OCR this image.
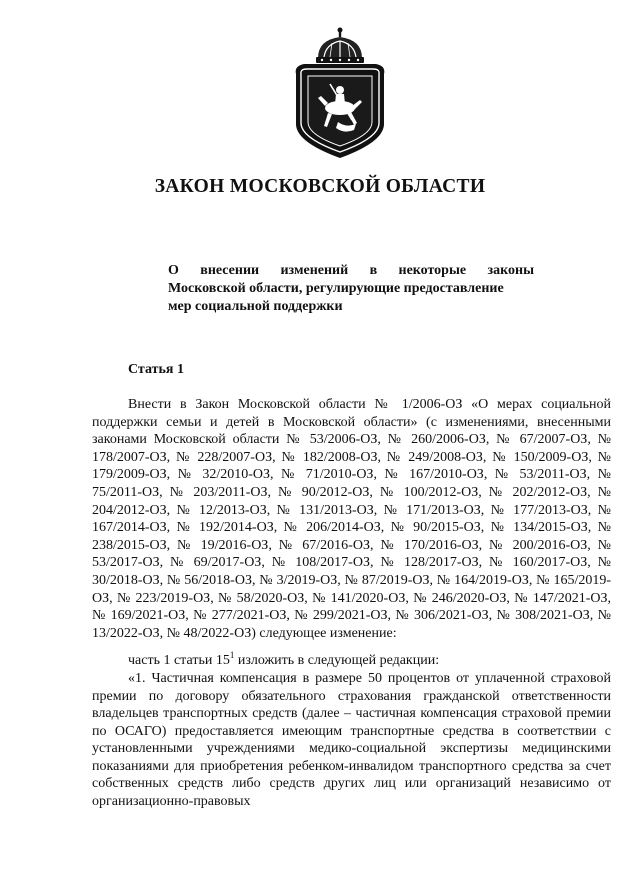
ЗАКОН МОСКОВСКОЙ ОБЛАСТИ
О внесении изменений в некоторые законы
Московской области, регулирующие предоставление
мер социальной поддержки
Статья 1

Внести в Закон Московской области № 1/2006-ОЗ «О мерах социальной поддержки семьи и детей в Московской области» (с изменениями, внесенными законами Московской области № 53/2006-ОЗ, № 260/2006-ОЗ, № 67/2007-ОЗ, № 178/2007-ОЗ, № 228/2007-ОЗ, № 182/2008-ОЗ, № 249/2008-ОЗ, № 150/2009-ОЗ, № 179/2009-ОЗ, № 32/2010-ОЗ, № 71/2010-ОЗ, № 167/2010-ОЗ, № 53/2011-ОЗ, № 75/2011-ОЗ, № 203/2011-ОЗ, № 90/2012-ОЗ, № 100/2012-ОЗ, № 202/2012-ОЗ, № 204/2012-ОЗ, № 12/2013-ОЗ, № 131/2013-ОЗ, № 171/2013-ОЗ, № 177/2013-ОЗ, № 167/2014-ОЗ, № 192/2014-ОЗ, № 206/2014-ОЗ, № 90/2015-ОЗ, № 134/2015-ОЗ, № 238/2015-ОЗ, № 19/2016-ОЗ, № 67/2016-ОЗ, № 170/2016-ОЗ, № 200/2016-ОЗ, № 53/2017-ОЗ, № 69/2017-ОЗ, № 108/2017-ОЗ, № 128/2017-ОЗ, № 160/2017-ОЗ, № 30/2018-ОЗ, № 56/2018-ОЗ, № 3/2019-ОЗ, № 87/2019-ОЗ, № 164/2019-ОЗ, № 165/2019-ОЗ, № 223/2019-ОЗ, № 58/2020-ОЗ, № 141/2020-ОЗ, № 246/2020-ОЗ, № 147/2021-ОЗ, № 169/2021-ОЗ, № 277/2021-ОЗ, № 299/2021-ОЗ, № 306/2021-ОЗ, № 308/2021-ОЗ, № 13/2022-ОЗ, № 48/2022-ОЗ) следующее изменение:

часть 1 статьи $15^1$ изложить в следующей редакции:

«1. Частичная компенсация в размере 50 процентов от уплаченной страховой премии по договору обязательного страхования гражданской ответственности владельцев транспортных средств (далее – частичная компенсация страховой премии по ОСАГО) предоставляется имеющим транспортные средства в соответствии с установленными учреждениями медико-социальной экспертизы медицинскими показаниями для приобретения ребенком-инвалидом транспортного средства за счет собственных средств либо средств других лиц или организаций независимо от организационно-правовых
